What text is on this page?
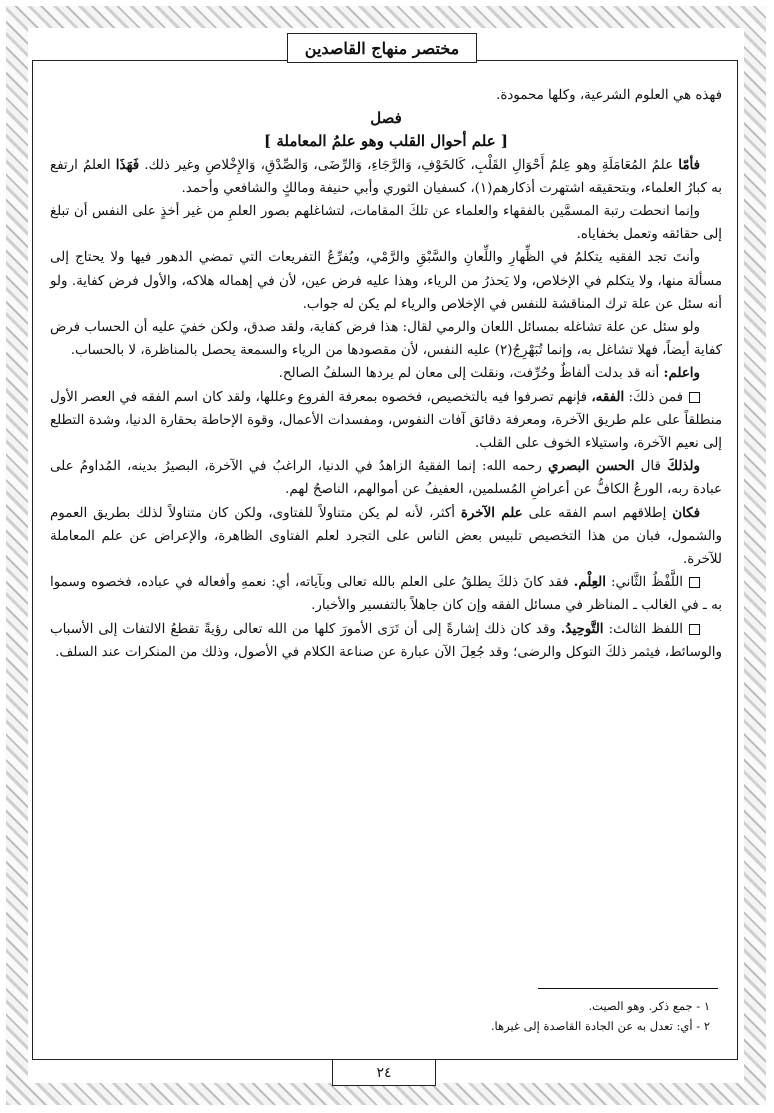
مختصر منهاج القاصدين

فهذه هي العلوم الشرعية، وكلها محمودة.

فصل

[ علم أحوال القلب وهو علمُ المعاملة ]

فأمّا علمُ المُعَامَلَةِ وهو عِلمُ أَحْوَالِ القَلْبِ، كَالخَوْفِ، وَالرَّجَاءِ، وَالرِّضَى، وَالصِّدْقِ، وَالإِخْلاصِ وغير ذلك. فَهَذَا العلمُ ارتفع به كبارُ العلماء، وبتحقيقه اشتهرت أذكارهم(١)، كسفيان الثوري وأبي حنيفة ومالكٍ والشافعي وأحمد.

وإنما انحطت رتبة المسمَّين بالفقهاء والعلماء عن تلكَ المقامات، لتشاغلهم بصور العلمِ من غير أخذٍ على النفس أن تبلغ إلى حقائقه وتعمل بخفاياه.

وأنتَ تجد الفقيه يتكلمُ في الظِّهارِ واللِّعانِ والسَّبْقِ والرَّمْي، ويُفرِّعُ التفريعات التي تمضي الدهور فيها ولا يحتاج إلى مسألة منها، ولا يتكلم في الإخلاص، ولا يَحذرُ من الرياء، وهذا عليه فرض عين، لأن في إهماله هلاكه، والأول فرض كفاية. ولو أنه سئل عن علة ترك المناقشة للنفس في الإخلاص والرياء لم يكن له جواب.

ولو سئل عن علة تشاغله بمسائل اللعان والرمي لقال: هذا فرض كفاية، ولقد صدق، ولكن خفيَ عليه أن الحساب فرض كفاية أيضاً، فهلا تشاغل به، وإنما تُبَهْرِجُ(٢) عليه النفس، لأن مقصودها من الرياء والسمعة يحصل بالمناظرة، لا بالحساب.

واعلم: أنه قد بدلت ألفاظٌ وحُرِّفت، ونقلت إلى معان لم يردها السلفُ الصالح.

فمن ذلكَ: الفقه، فإنهم تصرفوا فيه بالتخصيص، فخصوه بمعرفة الفروع وعللها، ولقد كان اسم الفقه في العصر الأول منطلقاً على علم طريق الآخرة، ومعرفة دقائق آفات النفوس، ومفسدات الأعمال، وقوة الإحاطة بحقارة الدنيا، وشدة التطلع إلى نعيم الآخرة، واستيلاء الخوف على القلب.

ولذلكَ قال الحسن البصري رحمه الله: إنما الفقيهُ الزاهدُ في الدنيا، الراغبُ في الآخرة، البصيرُ بدينه، المُداومُ على عبادة ربه، الورعُ الكافُّ عن أعراضِ المُسلمين، العفيفُ عن أموالهم، الناصحُ لهم.

فكان إطلاقهم اسم الفقه على علم الآخرة أكثر، لأنه لم يكن متناولاً للفتاوى، ولكن كان متناولاً لذلك بطريق العموم والشمول، فبان من هذا التخصيص تلبيس بعض الناس على التجرد لعلم الفتاوى الظاهرة، والإعراض عن علم المعاملة للآخرة.

اللَّفْظُ الثَّاني: العِلْم. فقد كانَ ذلكَ يطلقُ على العلم بالله تعالى وبآياته، أي: نعمهِ وأفعاله في عباده، فخصوه وسموا به ـ في الغالب ـ المناظر في مسائل الفقه وإن كان جاهلاً بالتفسير والأخبار.

اللفظ الثالث: التَّوحِيدُ. وقد كان ذلك إشارةً إلى أن تَرَى الأمورَ كلها من الله تعالى رؤيةً تقطعُ الالتفات إلى الأسباب والوسائط، فيثمر ذلكَ التوكل والرضى؛ وقد جُعِلَ الآن عبارة عن صناعة الكلام في الأصول، وذلك من المنكرات عند السلف.

١ - جمع ذكر. وهو الصيت.
٢ - أي: تعدل به عن الجادة القاصدة إلى غيرها.
٢٤
